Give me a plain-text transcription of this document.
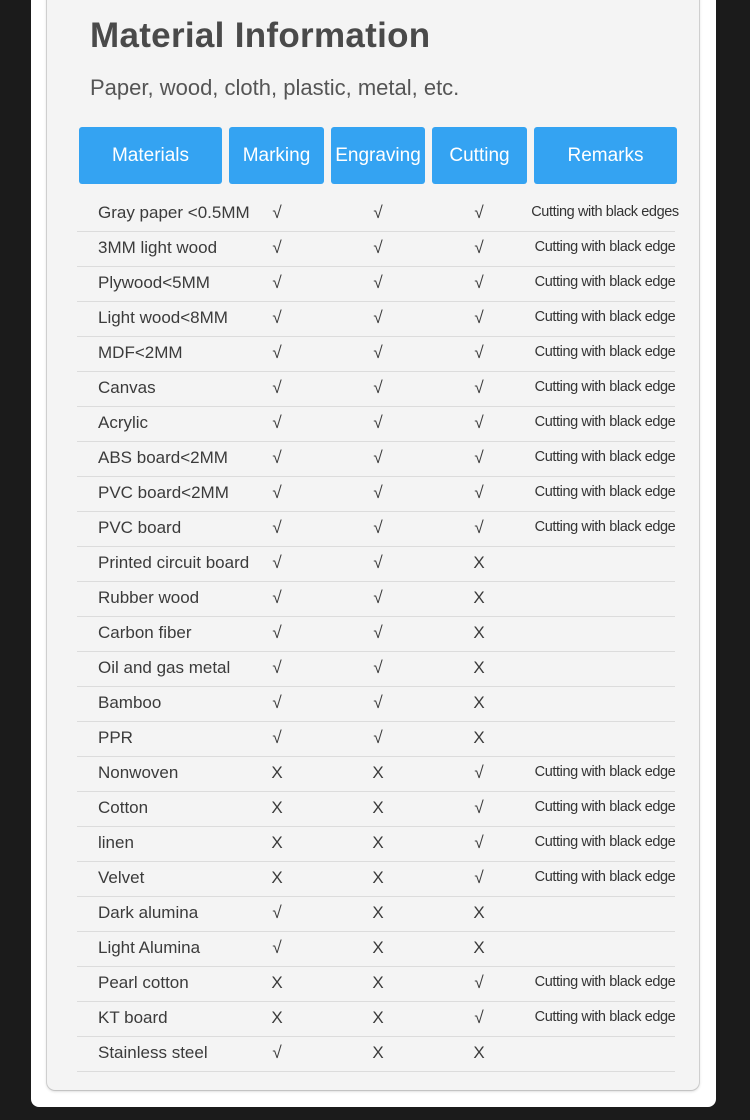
Material Information
Paper, wood, cloth, plastic, metal, etc.
Materials	Marking	Engraving	Cutting	Remarks
Gray paper <0.5MM	√	√	√	Cutting with black edges
3MM light wood	√	√	√	Cutting with black edge
Plywood<5MM	√	√	√	Cutting with black edge
Light wood<8MM	√	√	√	Cutting with black edge
MDF<2MM	√	√	√	Cutting with black edge
Canvas	√	√	√	Cutting with black edge
Acrylic	√	√	√	Cutting with black edge
ABS board<2MM	√	√	√	Cutting with black edge
PVC board<2MM	√	√	√	Cutting with black edge
PVC board	√	√	√	Cutting with black edge
Printed circuit board	√	√	X
Rubber wood	√	√	X
Carbon fiber	√	√	X
Oil and gas metal	√	√	X
Bamboo	√	√	X
PPR	√	√	X
Nonwoven	X	X	√	Cutting with black edge
Cotton	X	X	√	Cutting with black edge
linen	X	X	√	Cutting with black edge
Velvet	X	X	√	Cutting with black edge
Dark alumina	√	X	X
Light Alumina	√	X	X
Pearl cotton	X	X	√	Cutting with black edge
KT board	X	X	√	Cutting with black edge
Stainless steel	√	X	X
